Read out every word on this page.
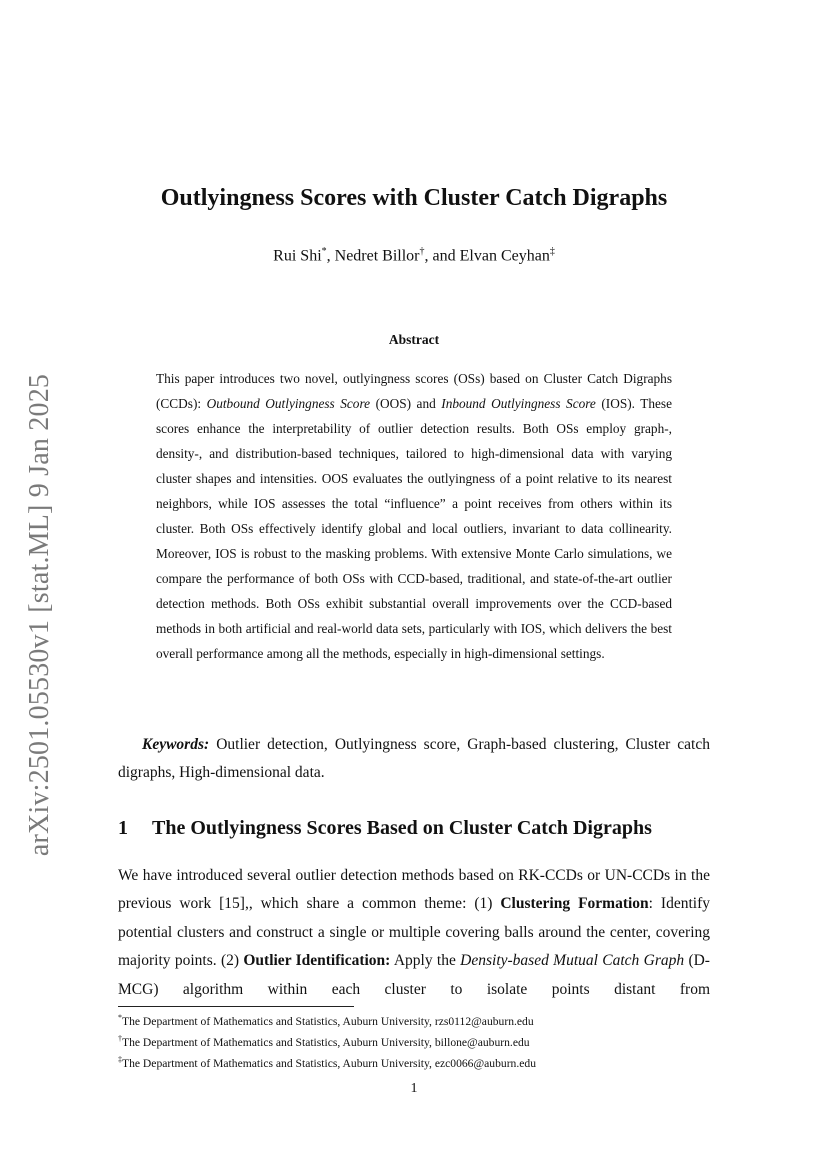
arXiv:2501.05530v1 [stat.ML] 9 Jan 2025
Outlyingness Scores with Cluster Catch Digraphs
Rui Shi*, Nedret Billor†, and Elvan Ceyhan‡
Abstract
This paper introduces two novel, outlyingness scores (OSs) based on Cluster Catch Digraphs (CCDs): Outbound Outlyingness Score (OOS) and Inbound Outlyingness Score (IOS). These scores enhance the interpretability of outlier detection results. Both OSs employ graph-, density-, and distribution-based techniques, tailored to high-dimensional data with varying cluster shapes and intensities. OOS evaluates the outlyingness of a point relative to its nearest neighbors, while IOS assesses the total “influence” a point receives from others within its cluster. Both OSs effectively identify global and local outliers, invariant to data collinearity. Moreover, IOS is robust to the masking problems. With extensive Monte Carlo simulations, we compare the performance of both OSs with CCD-based, traditional, and state-of-the-art outlier detection methods. Both OSs exhibit substantial overall improvements over the CCD-based methods in both artificial and real-world data sets, particularly with IOS, which delivers the best overall performance among all the methods, especially in high-dimensional settings.
Keywords: Outlier detection, Outlyingness score, Graph-based clustering, Cluster catch digraphs, High-dimensional data.
1 The Outlyingness Scores Based on Cluster Catch Digraphs
We have introduced several outlier detection methods based on RK-CCDs or UN-CCDs in the previous work [15],, which share a common theme: (1) Clustering Formation: Identify potential clusters and construct a single or multiple covering balls around the center, covering majority points. (2) Outlier Identification: Apply the Density-based Mutual Catch Graph (D-MCG) algorithm within each cluster to isolate points distant from
*The Department of Mathematics and Statistics, Auburn University, rzs0112@auburn.edu
†The Department of Mathematics and Statistics, Auburn University, billone@auburn.edu
‡The Department of Mathematics and Statistics, Auburn University, ezc0066@auburn.edu
1
